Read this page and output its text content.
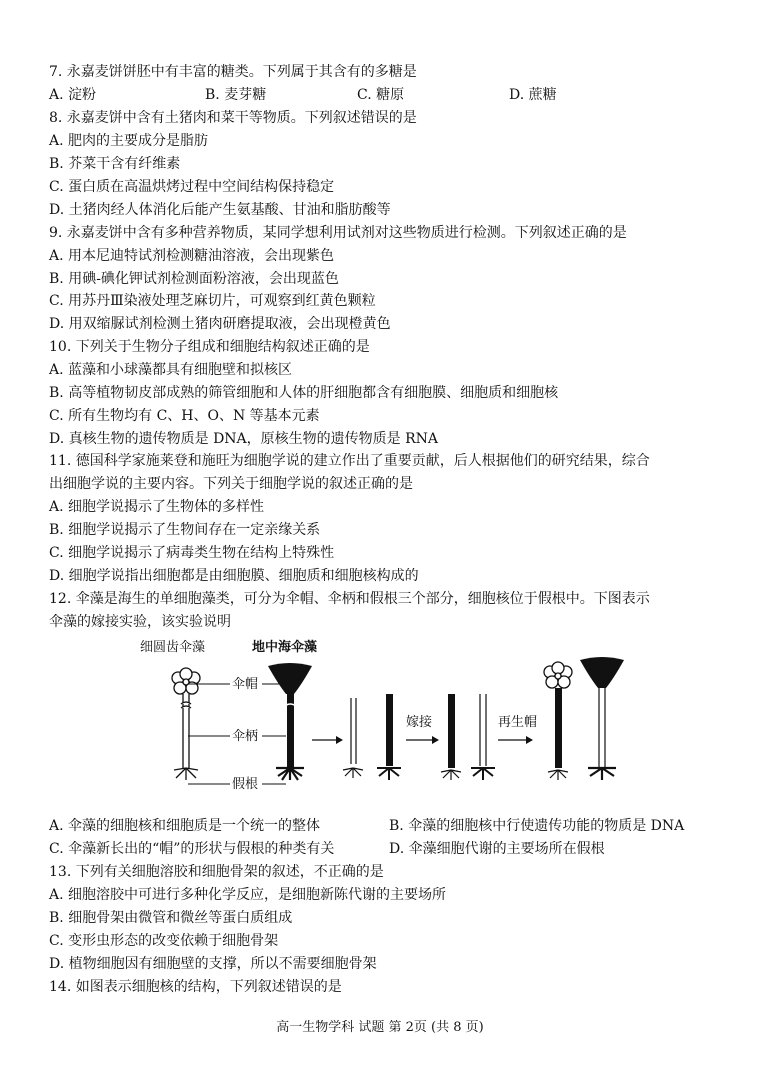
7. 永嘉麦饼饼胚中有丰富的糖类。下列属于其含有的多糖是
A. 淀粉	B. 麦芽糖	C. 糖原	D. 蔗糖
8. 永嘉麦饼中含有土猪肉和菜干等物质。下列叙述错误的是
A. 肥肉的主要成分是脂肪
B. 芥菜干含有纤维素
C. 蛋白质在高温烘烤过程中空间结构保持稳定
D. 土猪肉经人体消化后能产生氨基酸、甘油和脂肪酸等
9. 永嘉麦饼中含有多种营养物质，某同学想利用试剂对这些物质进行检测。下列叙述正确的是
A. 用本尼迪特试剂检测糖油溶液，会出现紫色
B. 用碘-碘化钾试剂检测面粉溶液，会出现蓝色
C. 用苏丹Ⅲ染液处理芝麻切片，可观察到红黄色颗粒
D. 用双缩脲试剂检测土猪肉研磨提取液，会出现橙黄色
10. 下列关于生物分子组成和细胞结构叙述正确的是
A. 蓝藻和小球藻都具有细胞壁和拟核区
B. 高等植物韧皮部成熟的筛管细胞和人体的肝细胞都含有细胞膜、细胞质和细胞核
C. 所有生物均有 C、H、O、N 等基本元素
D. 真核生物的遗传物质是 DNA，原核生物的遗传物质是 RNA
11. 德国科学家施莱登和施旺为细胞学说的建立作出了重要贡献，后人根据他们的研究结果，综合
出细胞学说的主要内容。下列关于细胞学说的叙述正确的是
A. 细胞学说揭示了生物体的多样性
B. 细胞学说揭示了生物间存在一定亲缘关系
C. 细胞学说揭示了病毒类生物在结构上特殊性
D. 细胞学说指出细胞都是由细胞膜、细胞质和细胞核构成的
12. 伞藻是海生的单细胞藻类，可分为伞帽、伞柄和假根三个部分，细胞核位于假根中。下图表示
伞藻的嫁接实验，该实验说明
细圆齿伞藻	地中海伞藻
伞帽
伞柄
假根
嫁接	再生帽
A. 伞藻的细胞核和细胞质是一个统一的整体	B. 伞藻的细胞核中行使遗传功能的物质是 DNA
C. 伞藻新长出的“帽”的形状与假根的种类有关	D. 伞藻细胞代谢的主要场所在假根
13. 下列有关细胞溶胶和细胞骨架的叙述，不正确的是
A. 细胞溶胶中可进行多种化学反应，是细胞新陈代谢的主要场所
B. 细胞骨架由微管和微丝等蛋白质组成
C. 变形虫形态的改变依赖于细胞骨架
D. 植物细胞因有细胞壁的支撑，所以不需要细胞骨架
14. 如图表示细胞核的结构，下列叙述错误的是
高一生物学科 试题 第 2页 (共 8 页)
